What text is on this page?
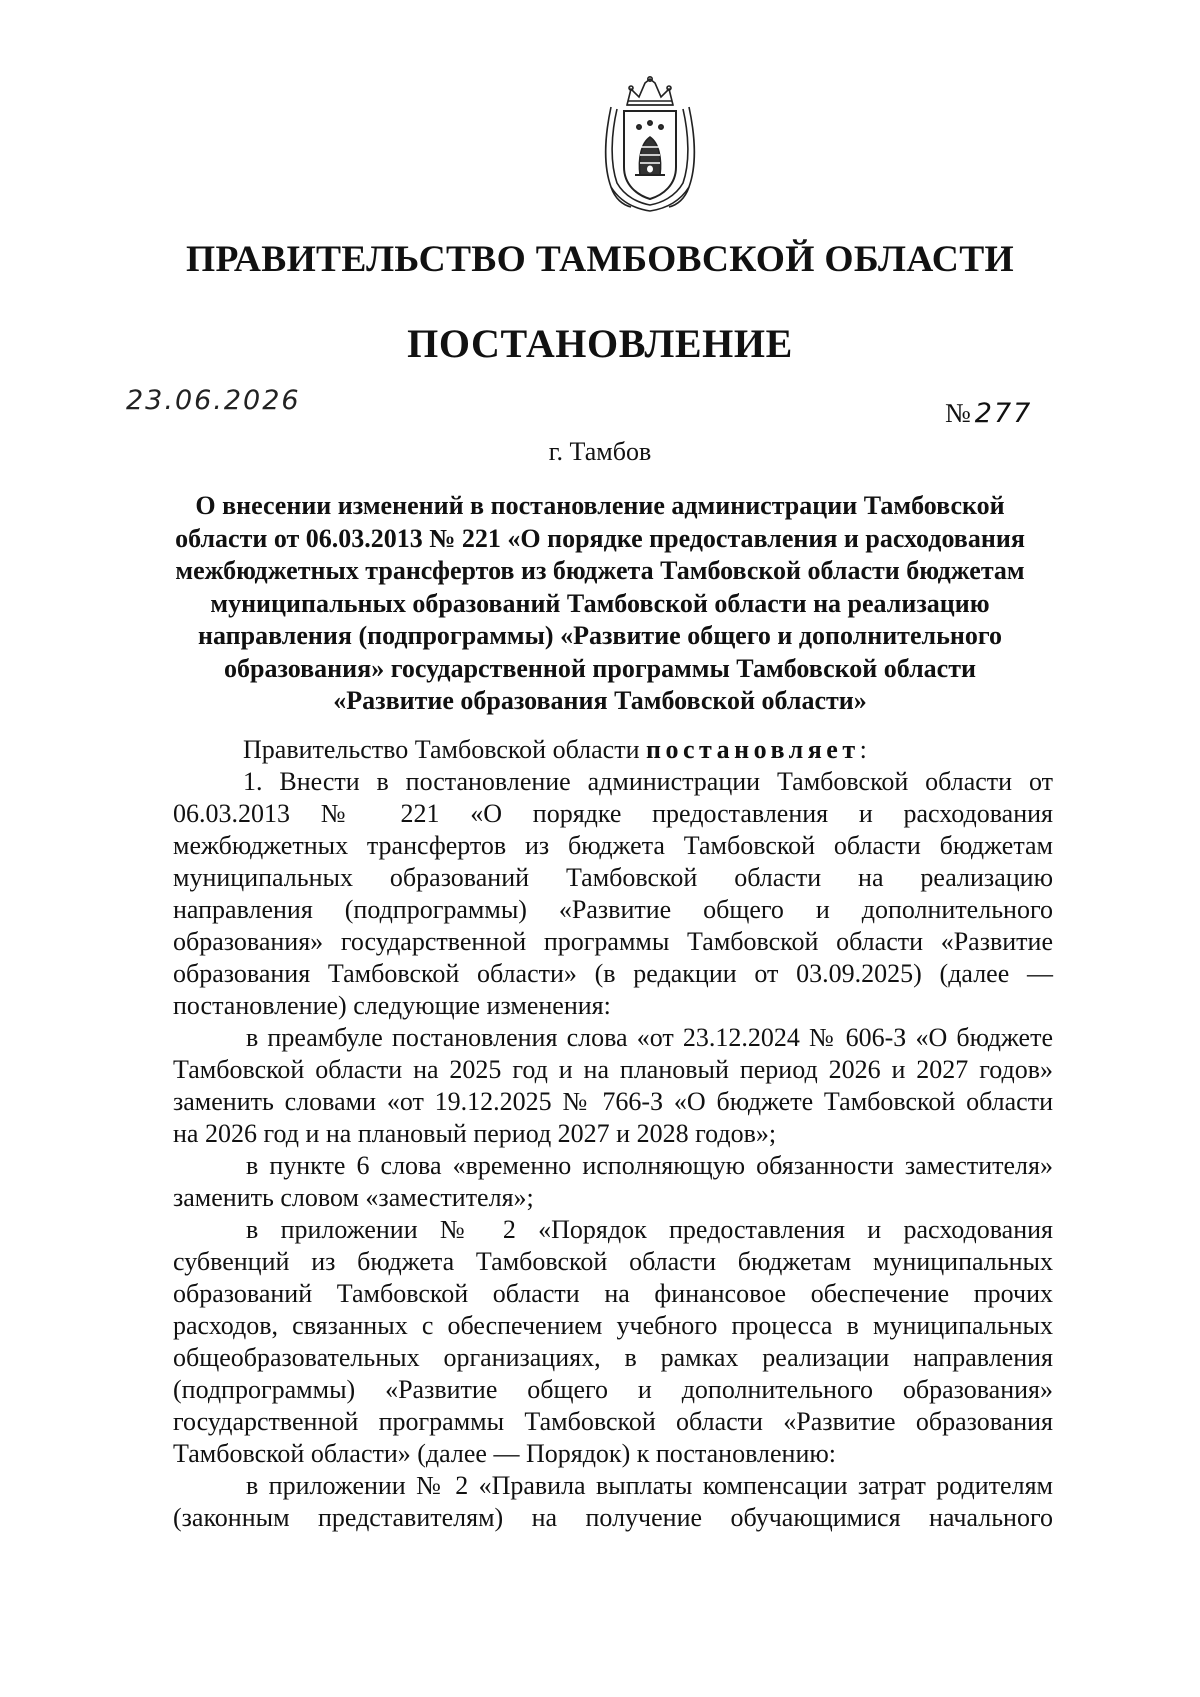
ПРАВИТЕЛЬСТВО ТАМБОВСКОЙ ОБЛАСТИ
ПОСТАНОВЛЕНИЕ
23.06.2026	№ 277

г. Тамбов

О внесении изменений в постановление администрации Тамбовской
области от 06.03.2013 № 221 «О порядке предоставления и расходования
межбюджетных трансфертов из бюджета Тамбовской области бюджетам
муниципальных образований Тамбовской области на реализацию
направления (подпрограммы) «Развитие общего и дополнительного
образования» государственной программы Тамбовской области
«Развитие образования Тамбовской области»
Правительство Тамбовской области постановляет:
1. Внести в постановление администрации Тамбовской области от
06.03.2013 № 221 «О порядке предоставления и расходования
межбюджетных трансфертов из бюджета Тамбовской области бюджетам
муниципальных образований Тамбовской области на реализацию
направления (подпрограммы) «Развитие общего и дополнительного
образования» государственной программы Тамбовской области «Развитие
образования Тамбовской области» (в редакции от 03.09.2025) (далее —
постановление) следующие изменения:
в преамбуле постановления слова «от 23.12.2024 № 606-З «О бюджете
Тамбовской области на 2025 год и на плановый период 2026 и 2027 годов»
заменить словами «от 19.12.2025 № 766-З «О бюджете Тамбовской области
на 2026 год и на плановый период 2027 и 2028 годов»;
в пункте 6 слова «временно исполняющую обязанности заместителя»
заменить словом «заместителя»;
в приложении № 2 «Порядок предоставления и расходования
субвенций из бюджета Тамбовской области бюджетам муниципальных
образований Тамбовской области на финансовое обеспечение прочих
расходов, связанных с обеспечением учебного процесса в муниципальных
общеобразовательных организациях, в рамках реализации направления
(подпрограммы) «Развитие общего и дополнительного образования»
государственной программы Тамбовской области «Развитие образования
Тамбовской области» (далее — Порядок) к постановлению:
в приложении № 2 «Правила выплаты компенсации затрат родителям
(законным представителям) на получение обучающимися начального
